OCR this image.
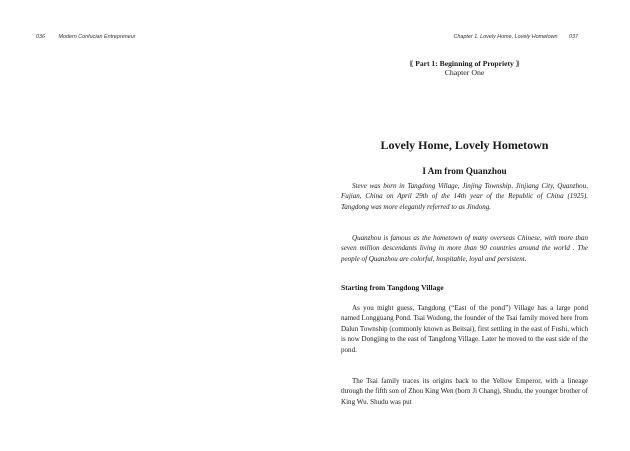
036	Modern Confucian Entrepreneur	Chapter 1. Lovely Home, Lovely Hometown 037
⟪ Part 1: Beginning of Propriety ⟫
Chapter One
Lovely Home, Lovely Hometown
I Am from Quanzhou

Steve was born in Tangdong Village, Jinjing Township, Jinjiang City, Quanzhou, Fujian, China on April 29th of the 14th year of the Republic of China (1925). Tangdong was more elegantly referred to as Jindong.

Quanzhou is famous as the hometown of many overseas Chinese, with more than seven million descendants living in more than 90 countries around the world . The people of Quanzhou are colorful, hospitable, loyal and persistent.

Starting from Tangdong Village

As you might guess, Tangdong (“East of the pond”) Village has a large pond named Longguang Pond. Tsai Wodong, the founder of the Tsai family moved here from Dalun Township (commonly known as Beitsai), first settling in the east of Fushi, which is now Dongjing to the east of Tangdong Village. Later he moved to the east side of the pond.

The Tsai family traces its origins back to the Yellow Emperor, with a lineage through the fifth son of Zhou King Wen (born Ji Chang), Shudu, the younger brother of King Wu. Shudu was put
